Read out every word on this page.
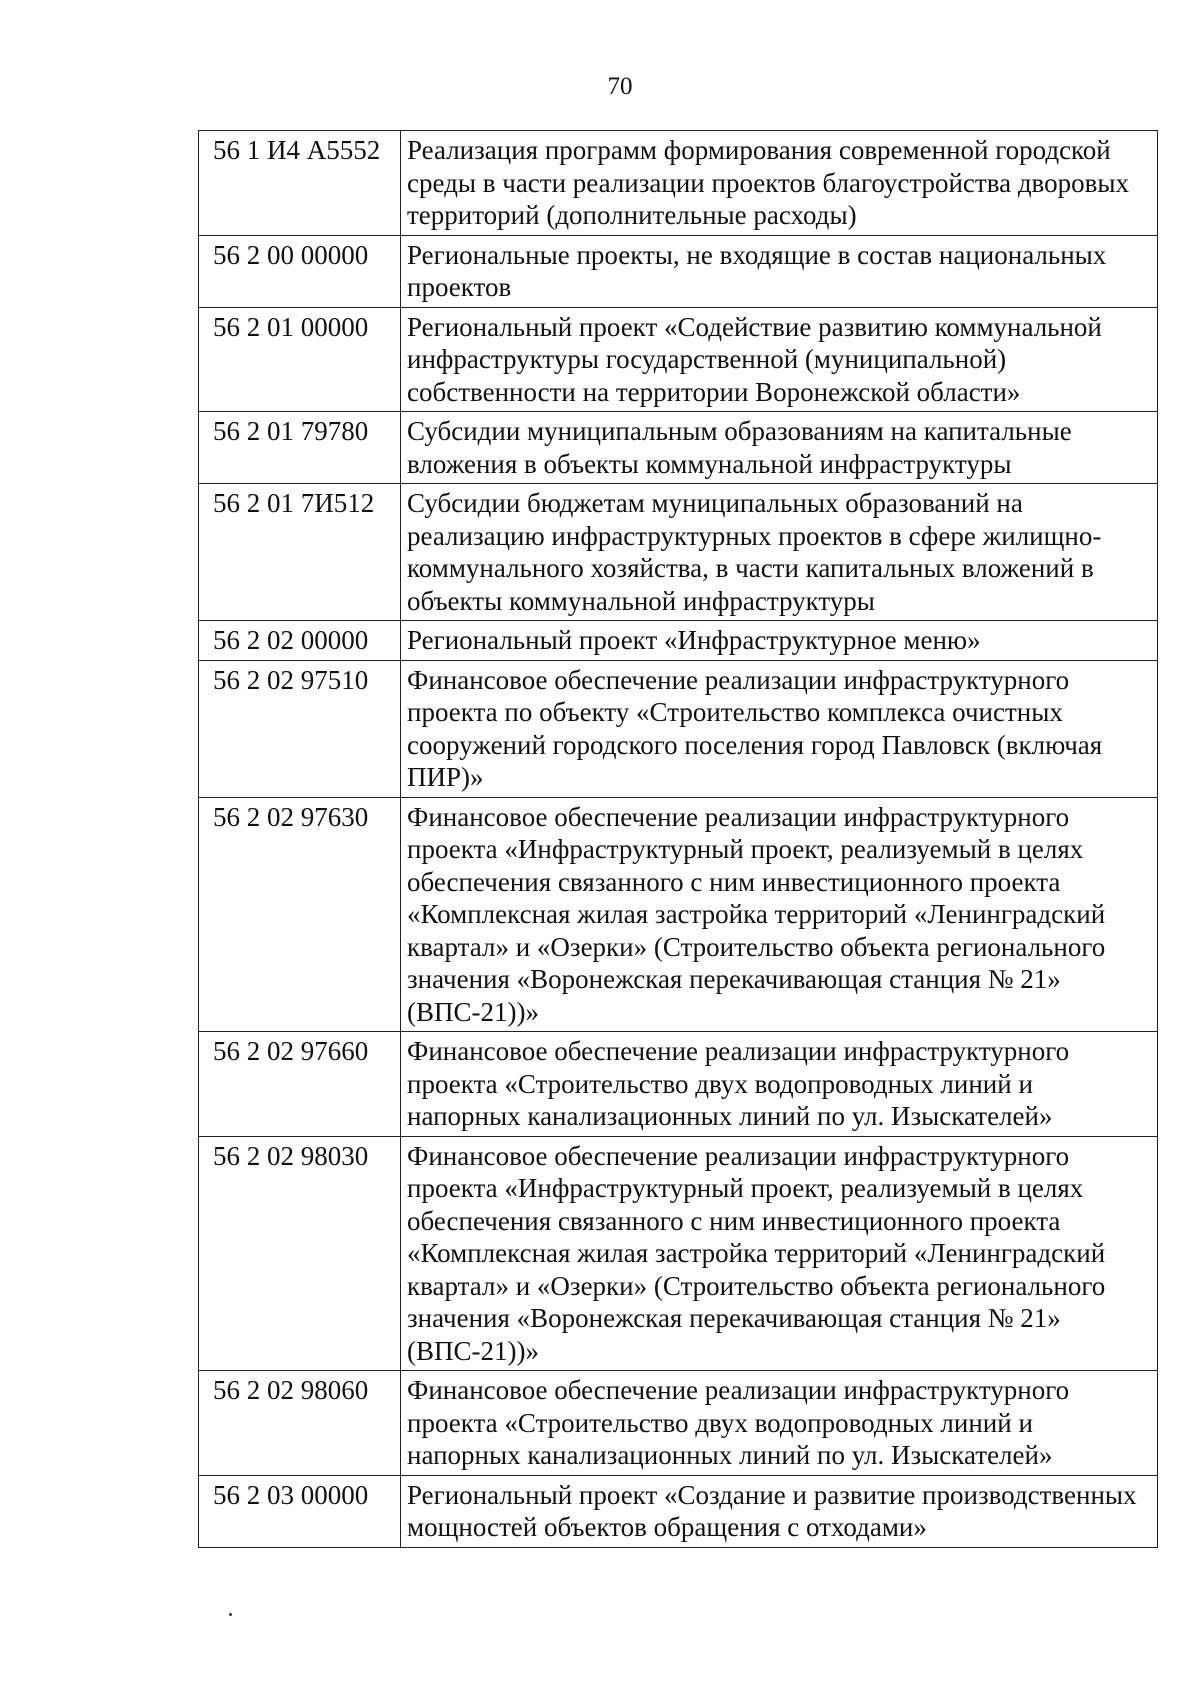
70
56 1 И4 А5552	Реализация программ формирования современной городской среды в части реализации проектов благоустройства дворовых территорий (дополнительные расходы)
56 2 00 00000	Региональные проекты, не входящие в состав национальных проектов
56 2 01 00000	Региональный проект «Содействие развитию коммунальной инфраструктуры государственной (муниципальной) собственности на территории Воронежской области»
56 2 01 79780	Субсидии муниципальным образованиям на капитальные вложения в объекты коммунальной инфраструктуры
56 2 01 7И512	Субсидии бюджетам муниципальных образований на реализацию инфраструктурных проектов в сфере жилищно-коммунального хозяйства, в части капитальных вложений в объекты коммунальной инфраструктуры
56 2 02 00000	Региональный проект «Инфраструктурное меню»
56 2 02 97510	Финансовое обеспечение реализации инфраструктурного проекта по объекту «Строительство комплекса очистных сооружений городского поселения город Павловск (включая ПИР)»
56 2 02 97630	Финансовое обеспечение реализации инфраструктурного проекта «Инфраструктурный проект, реализуемый в целях обеспечения связанного с ним инвестиционного проекта «Комплексная жилая застройка территорий «Ленинградский квартал» и «Озерки» (Строительство объекта регионального значения «Воронежская перекачивающая станция № 21» (ВПС-21))»
56 2 02 97660	Финансовое обеспечение реализации инфраструктурного проекта «Строительство двух водопроводных линий и напорных канализационных линий по ул. Изыскателей»
56 2 02 98030	Финансовое обеспечение реализации инфраструктурного проекта «Инфраструктурный проект, реализуемый в целях обеспечения связанного с ним инвестиционного проекта «Комплексная жилая застройка территорий «Ленинградский квартал» и «Озерки» (Строительство объекта регионального значения «Воронежская перекачивающая станция № 21» (ВПС-21))»
56 2 02 98060	Финансовое обеспечение реализации инфраструктурного проекта «Строительство двух водопроводных линий и напорных канализационных линий по ул. Изыскателей»
56 2 03 00000	Региональный проект «Создание и развитие производственных мощностей объектов обращения с отходами»
